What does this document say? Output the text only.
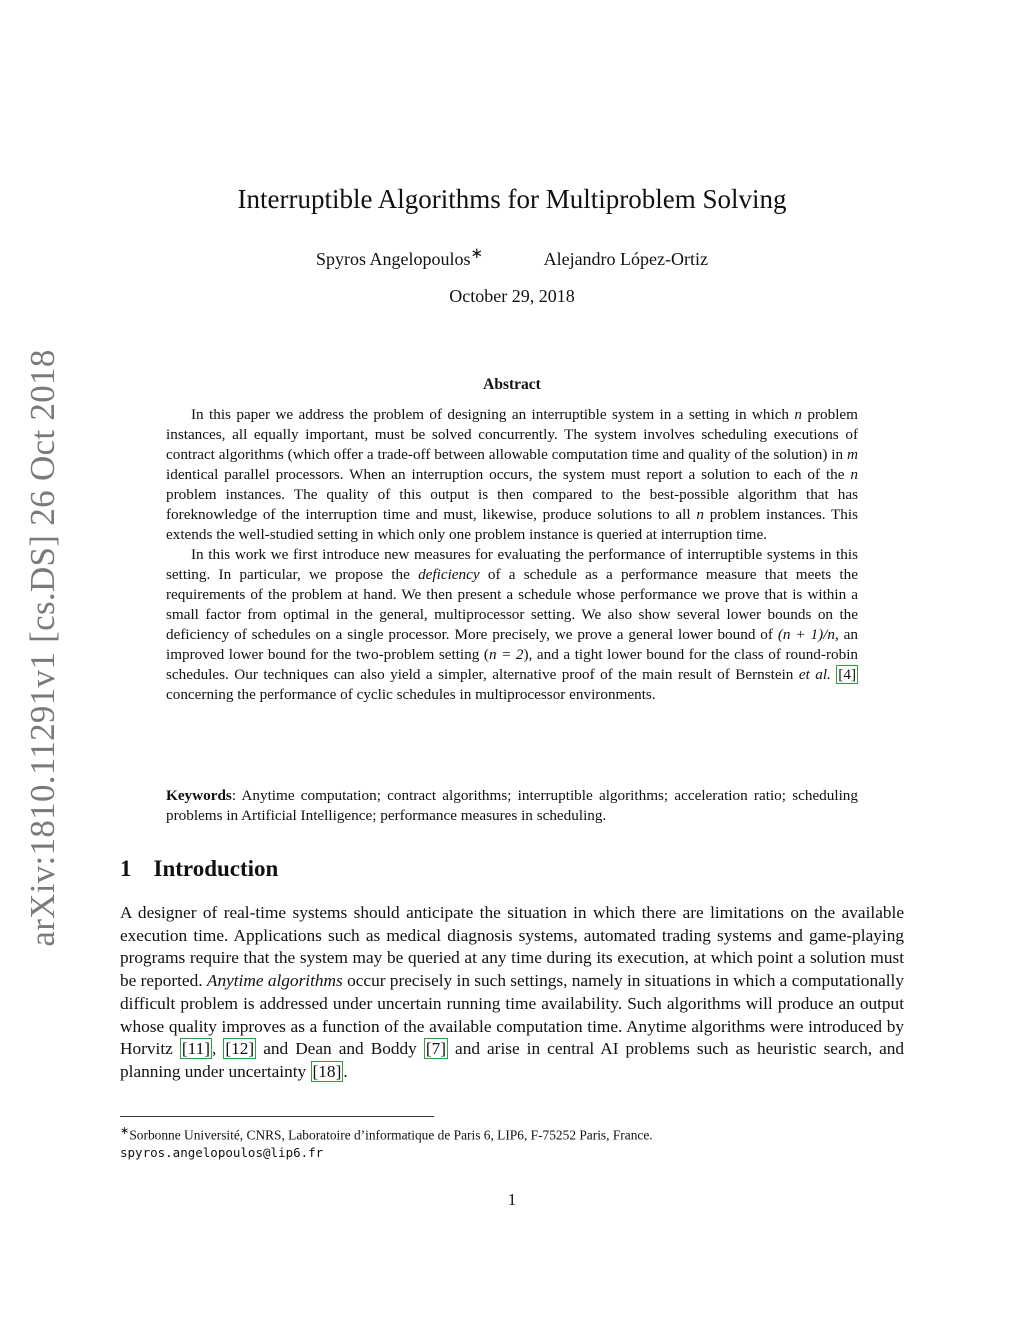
arXiv:1810.11291v1 [cs.DS] 26 Oct 2018
Interruptible Algorithms for Multiproblem Solving
Spyros Angelopoulos∗	Alejandro López-Ortiz
October 29, 2018
Abstract

In this paper we address the problem of designing an interruptible system in a setting in which n problem instances, all equally important, must be solved concurrently. The system involves scheduling executions of contract algorithms (which offer a trade-off between allowable computation time and quality of the solution) in m identical parallel processors. When an interruption occurs, the system must report a solution to each of the n problem instances. The quality of this output is then compared to the best-possible algorithm that has foreknowledge of the interruption time and must, likewise, produce solutions to all n problem instances. This extends the well-studied setting in which only one problem instance is queried at interruption time.

In this work we first introduce new measures for evaluating the performance of interruptible systems in this setting. In particular, we propose the deficiency of a schedule as a performance measure that meets the requirements of the problem at hand. We then present a schedule whose performance we prove that is within a small factor from optimal in the general, multiprocessor setting. We also show several lower bounds on the deficiency of schedules on a single processor. More precisely, we prove a general lower bound of (n + 1)/n, an improved lower bound for the two-problem setting (n = 2), and a tight lower bound for the class of round-robin schedules. Our techniques can also yield a simpler, alternative proof of the main result of Bernstein et al. [4] concerning the performance of cyclic schedules in multiprocessor environments.

Keywords: Anytime computation; contract algorithms; interruptible algorithms; acceleration ratio; scheduling problems in Artificial Intelligence; performance measures in scheduling.
1 Introduction

A designer of real-time systems should anticipate the situation in which there are limitations on the available execution time. Applications such as medical diagnosis systems, automated trading systems and game-playing programs require that the system may be queried at any time during its execution, at which point a solution must be reported. Anytime algorithms occur precisely in such settings, namely in situations in which a computationally difficult problem is addressed under uncertain running time availability. Such algorithms will produce an output whose quality improves as a function of the available computation time. Anytime algorithms were introduced by Horvitz [11] , [12] and Dean and Boddy [7] and arise in central AI problems such as heuristic search, and planning under uncertainty [18] .

∗Sorbonne Université, CNRS, Laboratoire d’informatique de Paris 6, LIP6, F-75252 Paris, France.
spyros.angelopoulos@lip6.fr
1
